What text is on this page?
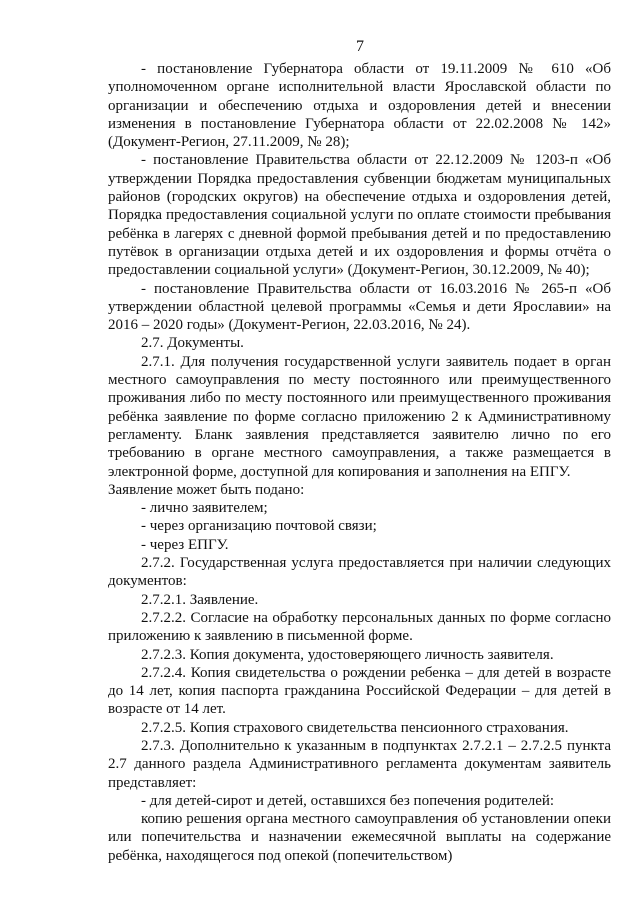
7

- постановление Губернатора области от 19.11.2009 № 610 «Об уполномоченном органе исполнительной власти Ярославской области по организации и обеспечению отдыха и оздоровления детей и внесении изменения в постановление Губернатора области от 22.02.2008 № 142» (Документ-Регион, 27.11.2009, № 28);

- постановление Правительства области от 22.12.2009 № 1203-п «Об утверждении Порядка предоставления субвенции бюджетам муниципальных районов (городских округов) на обеспечение отдыха и оздоровления детей, Порядка предоставления социальной услуги по оплате стоимости пребывания ребёнка в лагерях с дневной формой пребывания детей и по предоставлению путёвок в организации отдыха детей и их оздоровления и формы отчёта о предоставлении социальной услуги» (Документ-Регион, 30.12.2009, № 40);

- постановление Правительства области от 16.03.2016 № 265-п «Об утверждении областной целевой программы «Семья и дети Ярославии» на 2016 – 2020 годы» (Документ-Регион, 22.03.2016, № 24).

2.7. Документы.

2.7.1. Для получения государственной услуги заявитель подает в орган местного самоуправления по месту постоянного или преимущественного проживания либо по месту постоянного или преимущественного проживания ребёнка заявление по форме согласно приложению 2 к Административному регламенту. Бланк заявления представляется заявителю лично по его требованию в органе местного самоуправления, а также размещается в электронной форме, доступной для копирования и заполнения на ЕПГУ.

Заявление может быть подано:

- лично заявителем;

- через организацию почтовой связи;

- через ЕПГУ.

2.7.2. Государственная услуга предоставляется при наличии следующих документов:

2.7.2.1. Заявление.

2.7.2.2. Согласие на обработку персональных данных по форме согласно приложению к заявлению в письменной форме.

2.7.2.3. Копия документа, удостоверяющего личность заявителя.

2.7.2.4. Копия свидетельства о рождении ребенка – для детей в возрасте до 14 лет, копия паспорта гражданина Российской Федерации – для детей в возрасте от 14 лет.

2.7.2.5. Копия страхового свидетельства пенсионного страхования.

2.7.3. Дополнительно к указанным в подпунктах 2.7.2.1 – 2.7.2.5 пункта 2.7 данного раздела Административного регламента документам заявитель представляет:

- для детей-сирот и детей, оставшихся без попечения родителей:

копию решения органа местного самоуправления об установлении опеки или попечительства и назначении ежемесячной выплаты на содержание ребёнка, находящегося под опекой (попечительством)
